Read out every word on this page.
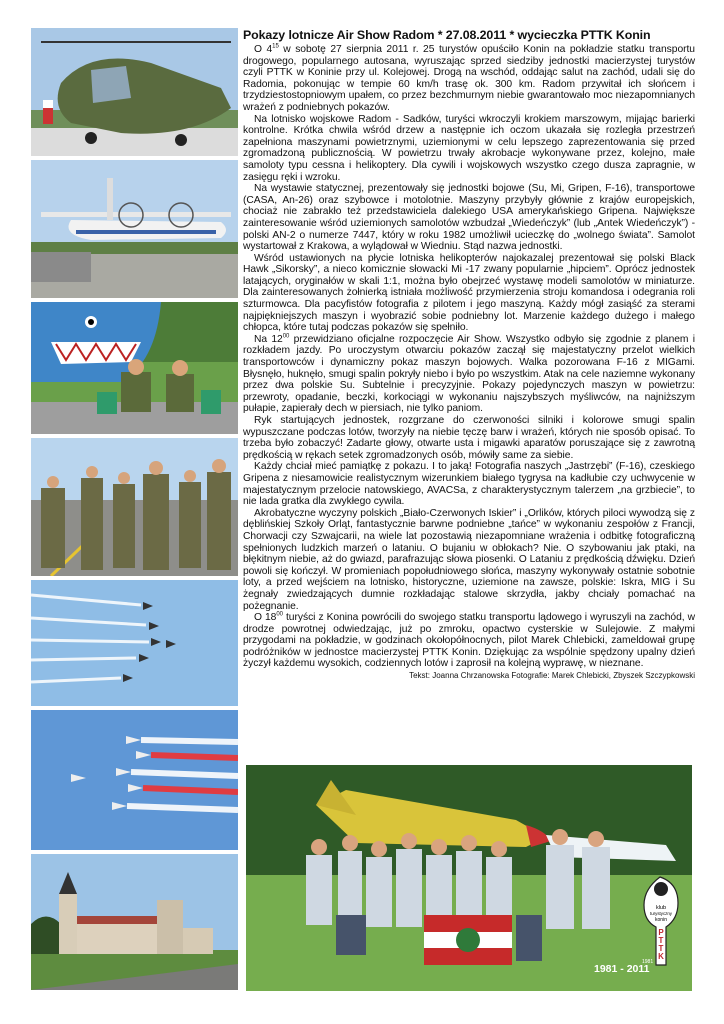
Pokazy lotnicze Air Show Radom * 27.08.2011 * wycieczka PTTK Konin

O $4^{15}$ w sobotę 27 sierpnia 2011 r. 25 turystów opuściło Konin na pokładzie statku transportu drogowego, popularnego autosana, wyruszając sprzed siedziby jednostki macierzystej turystów czyli PTTK w Koninie przy ul. Kolejowej. Drogą na wschód, oddając salut na zachód, udali się do Radomia, pokonując w tempie 60 km/h trasę ok. 300 km. Radom przywitał ich słońcem i trzydziestostopniowym upałem, co przez bezchmurnym niebie gwarantowało moc niezapomnianych wrażeń z podniebnych pokazów.

Na lotnisko wojskowe Radom - Sadków, turyści wkroczyli krokiem marszowym, mijając barierki kontrolne. Krótka chwila wśród drzew a następnie ich oczom ukazała się rozległa przestrzeń zapełniona maszynami powietrznymi, uziemionymi w celu lepszego zaprezentowania się przed zgromadzoną publicznością. W powietrzu trwały akrobacje wykonywane przez, kolejno, małe samoloty typu cessna i helikoptery. Dla cywili i wojskowych wszystko czego dusza zapragnie, w zasięgu ręki i wzroku.

Na wystawie statycznej, prezentowały się jednostki bojowe (Su, Mi, Gripen, F-16), transportowe (CASA, An-26) oraz szybowce i motolotnie. Maszyny przybyły głównie z krajów europejskich, chociaż nie zabrakło też przedstawiciela dalekiego USA amerykańskiego Gripena. Największe zainteresowanie wśród uziemionych samolotów wzbudzał „Wiedeńczyk” (lub „Antek Wiedeńczyk”) - polski AN-2 o numerze 7447, który w roku 1982 umożliwił ucieczkę do „wolnego świata”. Samolot wystartował z Krakowa, a wylądował w Wiedniu. Stąd nazwa jednostki.

Wśród ustawionych na płycie lotniska helikopterów najokazalej prezentował się polski Black Hawk „Sikorsky”, a nieco komicznie słowacki Mi -17 zwany popularnie „hipciem”. Oprócz jednostek latających, oryginałów w skali 1:1, można było obejrzeć wystawę modeli samolotów w miniaturze. Dla zainteresowanych żołnierką istniała możliwość przymierzenia stroju komandosa i odegrania roli szturmowca. Dla pacyfistów fotografia z pilotem i jego maszyną. Każdy mógł zasiąść za sterami najpiękniejszych maszyn i wyobrazić sobie podniebny lot. Marzenie każdego dużego i małego chłopca, które tutaj podczas pokazów się spełniło.

Na $12^{00}$ przewidziano oficjalne rozpoczęcie Air Show. Wszystko odbyło się zgodnie z planem i rozkładem jazdy. Po uroczystym otwarciu pokazów zaczął się majestatyczny przelot wielkich transportowców i dynamiczny pokaz maszyn bojowych. Walka pozorowana F-16 z MIGami. Błysnęło, huknęło, smugi spalin pokryły niebo i było po wszystkim. Atak na cele naziemne wykonany przez dwa polskie Su. Subtelnie i precyzyjnie. Pokazy pojedynczych maszyn w powietrzu: przewroty, opadanie, beczki, korkociągi w wykonaniu najszybszych myśliwców, na najniższym pułapie, zapierały dech w piersiach, nie tylko paniom.

Ryk startujących jednostek, rozgrzane do czerwoności silniki i kolorowe smugi spalin wypuszczane podczas lotów, tworzyły na niebie tęczę barw i wrażeń, których nie sposób opisać. To trzeba było zobaczyć! Zadarte głowy, otwarte usta i migawki aparatów poruszające się z zawrotną prędkością w rękach setek zgromadzonych osób, mówiły same za siebie.

Każdy chciał mieć pamiątkę z pokazu. I to jaką! Fotografia naszych „Jastrzębi” (F-16), czeskiego Gripena z niesamowicie realistycznym wizerunkiem białego tygrysa na kadłubie czy uchwycenie w majestatycznym przelocie natowskiego, AVACSa, z charakterystycznym talerzem „na grzbiecie”, to nie lada gratka dla zwykłego cywila.

Akrobatyczne wyczyny polskich „Biało-Czerwonych Iskier” i „Orlików, których piloci wywodzą się z dęblińskiej Szkoły Orląt, fantastycznie barwne podniebne „tańce” w wykonaniu zespołów z Francji, Chorwacji czy Szwajcarii, na wiele lat pozostawią niezapomniane wrażenia i odbitkę fotograficzną spełnionych ludzkich marzeń o lataniu. O bujaniu w obłokach? Nie. O szybowaniu jak ptaki, na błękitnym niebie, aż do gwiazd, parafrazując słowa piosenki. O Lataniu z prędkością dźwięku. Dzień powoli się kończył. W promieniach popołudniowego słońca, maszyny wykonywały ostatnie sobotnie loty, a przed wejściem na lotnisko, historyczne, uziemione na zawsze, polskie: Iskra, MIG i Su żegnały zwiedzających dumnie rozkładając stalowe skrzydła, jakby chciały pomachać na pożegnanie.

O $18^{00}$ turyści z Konina powrócili do swojego statku transportu lądowego i wyruszyli na zachód, w drodze powrotnej odwiedzając, już po zmroku, opactwo cysterskie w Sulejowie. Z małymi przygodami na pokładzie, w godzinach okołopółnocnych, pilot Marek Chlebicki, zameldował grupę podróżników w jednostce macierzystej PTTK Konin. Dziękując za wspólnie spędzony upalny dzień życzył każdemu wysokich, codziennych lotów i zaprosił na kolejną wyprawę, w nieznane.

Tekst: Joanna Chrzanowska Fotografie: Marek Chlebicki, Zbyszek Szczypkowski
klub
turystyczny
konin
P T T K
1981
1981 - 2011
